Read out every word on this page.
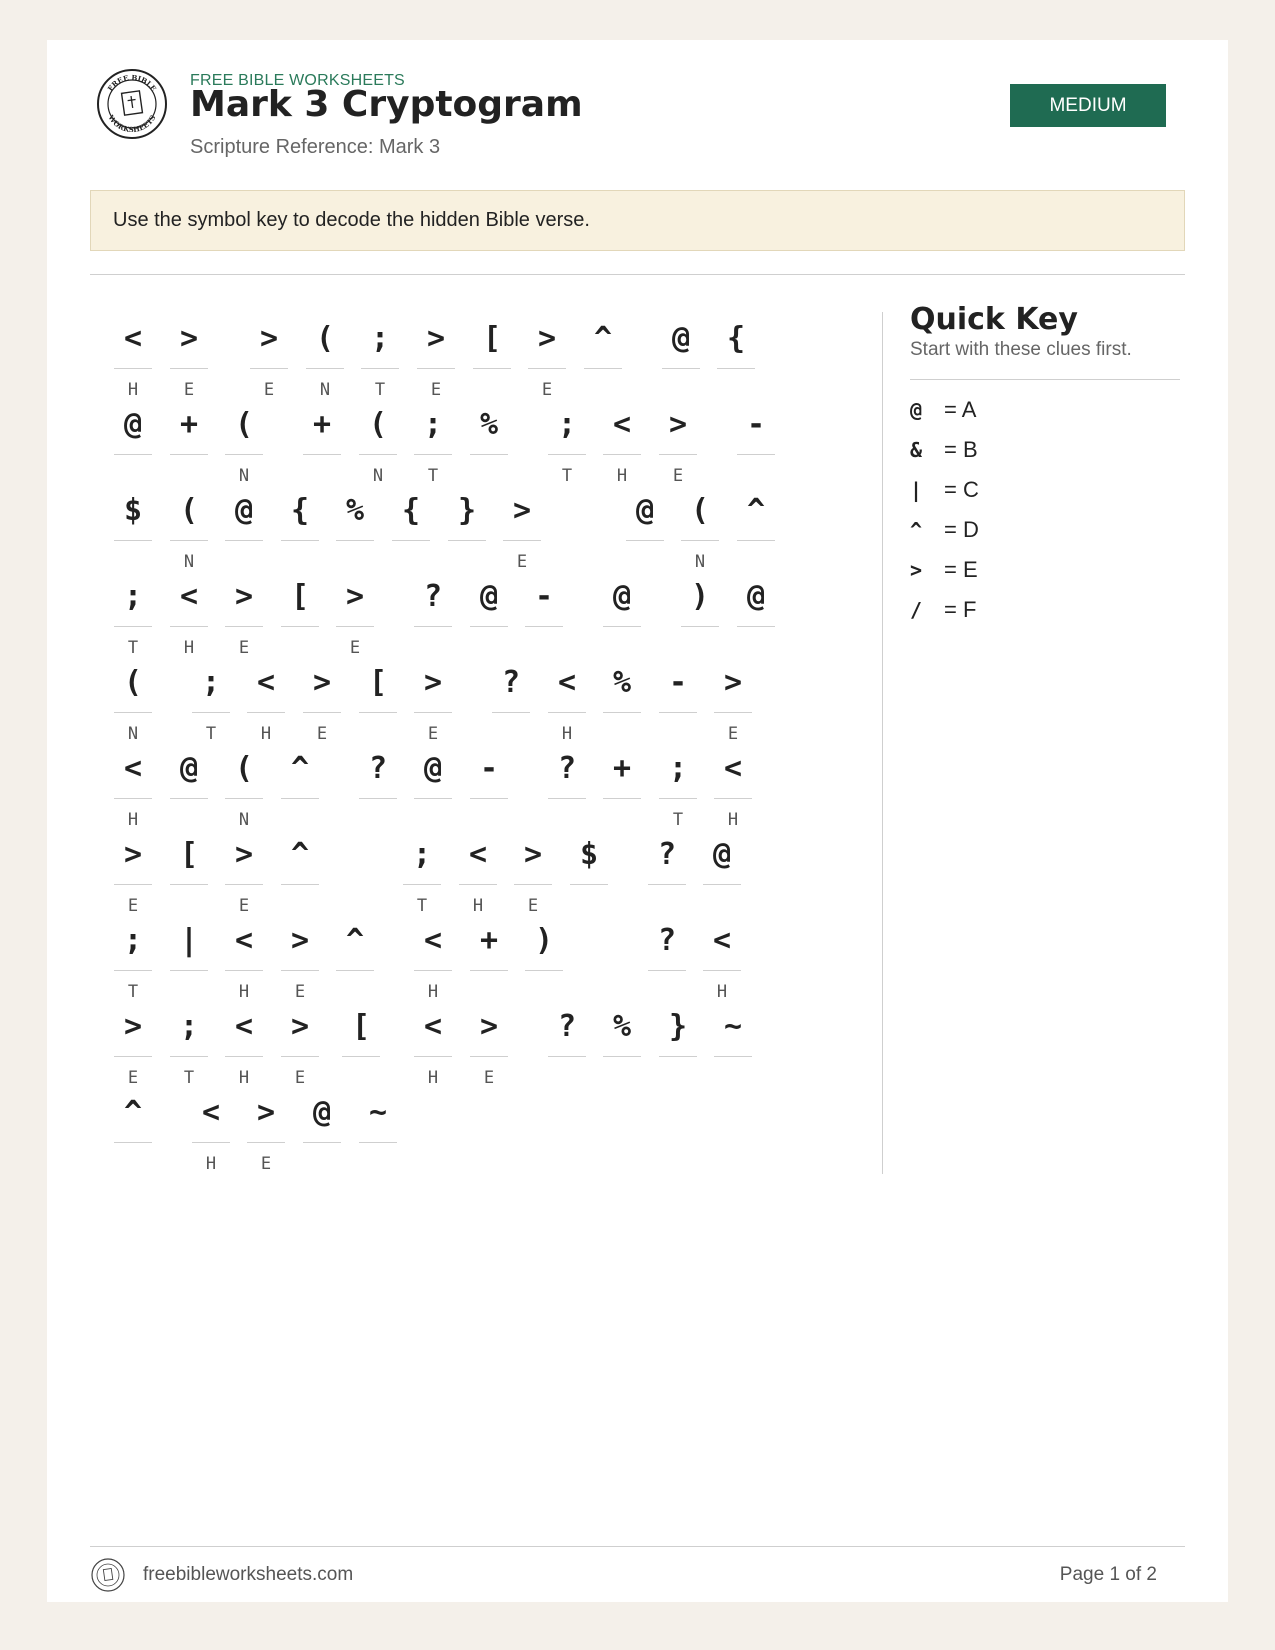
FREE BIBLE
WORKSHEETS
FREE BIBLE WORKSHEETS
Mark 3 Cryptogram
Scripture Reference: Mark 3
MEDIUM
Use the symbol key to decode the hidden Bible verse.
<
H
>
E
>
E
(
N
;
T
>
E
[	>
E
^	@	{
@	+	(
N
+	(
N
;
T
%	;
T
<
H
>
E
-
$	(
N
@	{	%	{	}	>
E
@	(
N
^
;
T
<
H
>
E
[	>
E
?	@	-	@	)	@
(
N
;
T
<
H
>
E
[	>
E
?	<
H
%	-	>
E
<
H
@	(
N
^	?	@	-	?	+	;
T
<
H
>
E
[	>
E
^	;
T
<
H
>
E
$	?	@
;
T
|	<
H
>
E
^	<
H
+	)	?	<
H
>
E
;
T
<
H
>
E
[	<
H
>
E
?	%	}	~
^	<
H
>
E
@	~
Quick Key
Start with these clues first.
@ = A
& = B
| = C
^ = D
> = E
/ = F
freebibleworksheets.com	Page 1 of 2
